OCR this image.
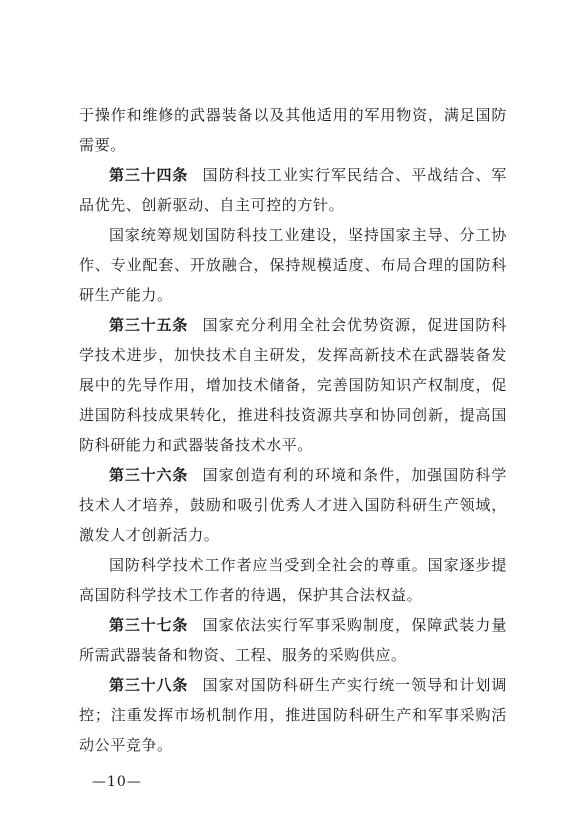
于操作和维修的武器装备以及其他适用的军用物资，满足国防需要。

第三十四条 国防科技工业实行军民结合、平战结合、军品优先、创新驱动、自主可控的方针。

国家统筹规划国防科技工业建设，坚持国家主导、分工协作、专业配套、开放融合，保持规模适度、布局合理的国防科研生产能力。

第三十五条 国家充分利用全社会优势资源，促进国防科学技术进步，加快技术自主研发，发挥高新技术在武器装备发展中的先导作用，增加技术储备，完善国防知识产权制度，促进国防科技成果转化，推进科技资源共享和协同创新，提高国防科研能力和武器装备技术水平。

第三十六条 国家创造有利的环境和条件，加强国防科学技术人才培养，鼓励和吸引优秀人才进入国防科研生产领域，激发人才创新活力。

国防科学技术工作者应当受到全社会的尊重。国家逐步提高国防科学技术工作者的待遇，保护其合法权益。

第三十七条 国家依法实行军事采购制度，保障武装力量所需武器装备和物资、工程、服务的采购供应。

第三十八条 国家对国防科研生产实行统一领导和计划调控；注重发挥市场机制作用，推进国防科研生产和军事采购活动公平竞争。

—10—
